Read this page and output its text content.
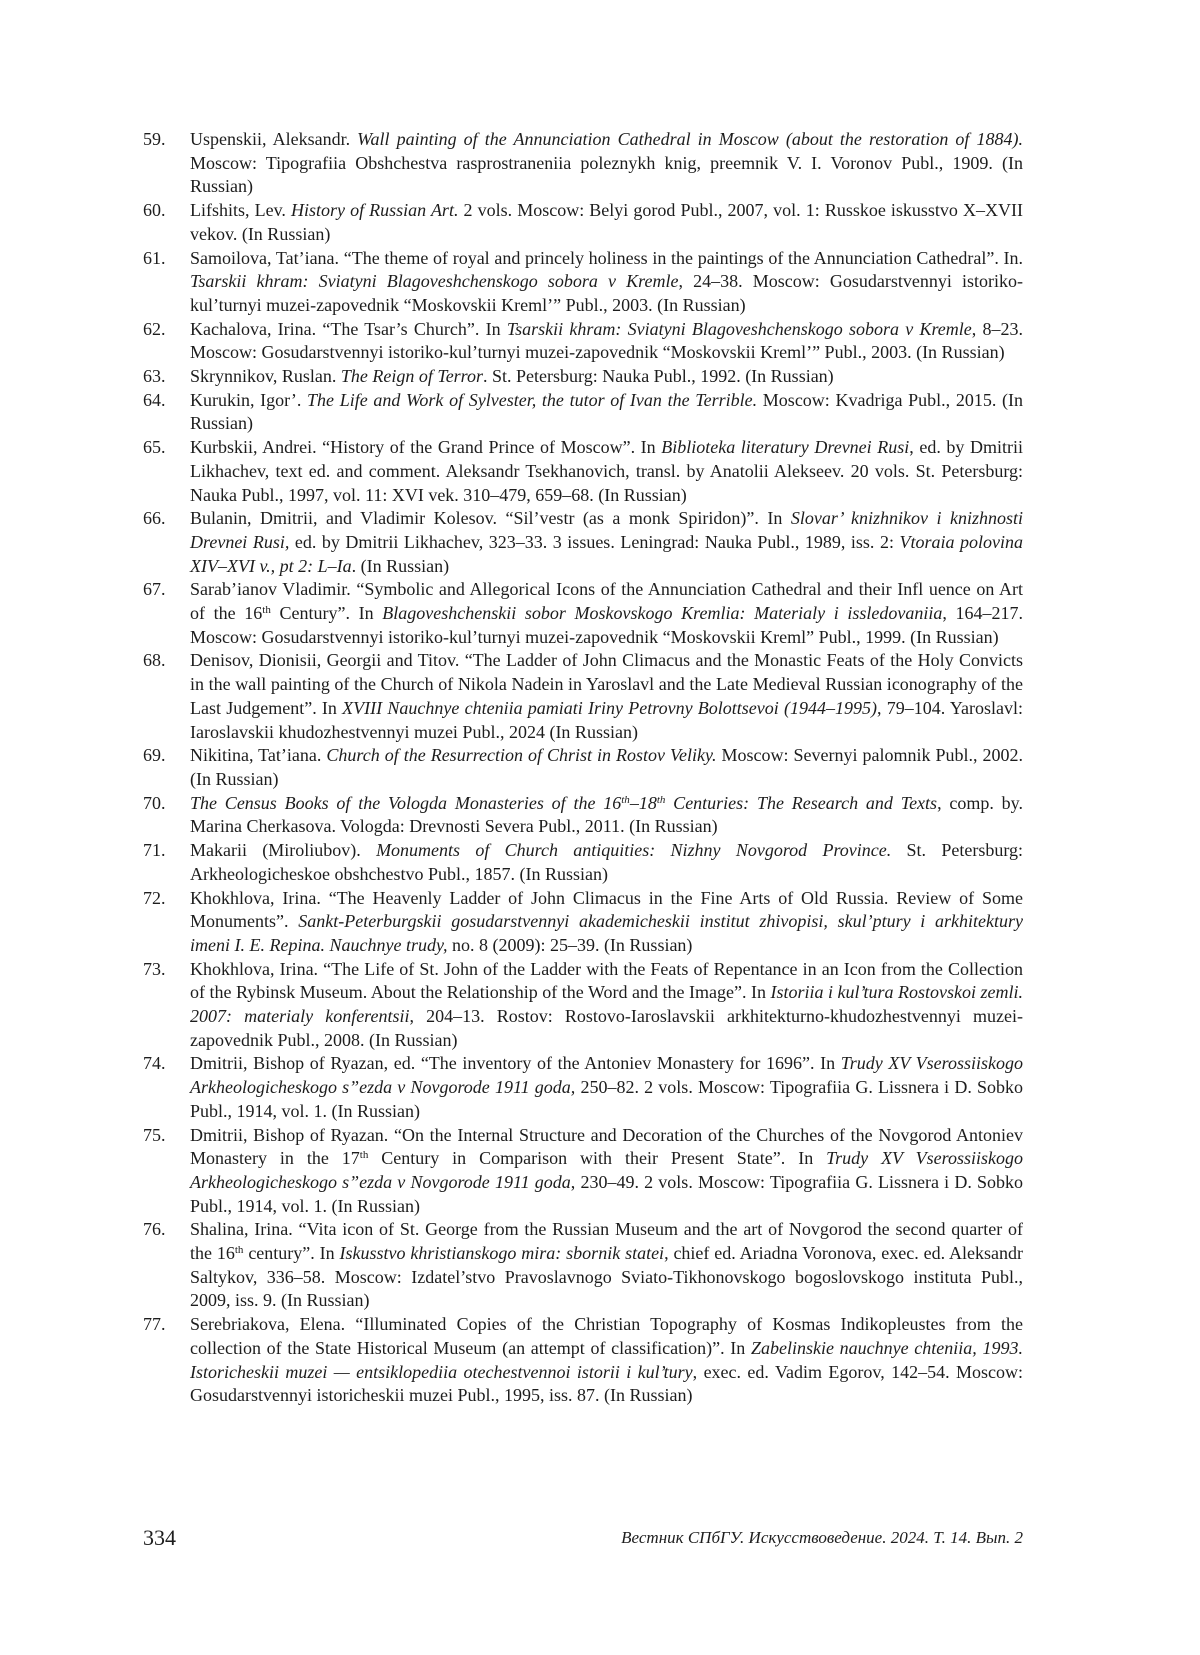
59. Uspenskii, Aleksandr. Wall painting of the Annunciation Cathedral in Moscow (about the restoration of 1884). Moscow: Tipografiia Obshchestva rasprostraneniia poleznykh knig, preemnik V. I. Voronov Publ., 1909. (In Russian)
60. Lifshits, Lev. History of Russian Art. 2 vols. Moscow: Belyi gorod Publ., 2007, vol. 1: Russkoe iskusstvo X–XVII vekov. (In Russian)
61. Samoilova, Tat’iana. “The theme of royal and princely holiness in the paintings of the Annunciation Cathedral”. In. Tsarskii khram: Sviatyni Blagoveshchenskogo sobora v Kremle, 24–38. Moscow: Gosudarstvennyi istoriko-kul’turnyi muzei-zapovednik “Moskovskii Kreml’” Publ., 2003. (In Russian)
62. Kachalova, Irina. “The Tsar’s Church”. In Tsarskii khram: Sviatyni Blagoveshchenskogo sobora v Kremle, 8–23. Moscow: Gosudarstvennyi istoriko-kul’turnyi muzei-zapovednik “Moskovskii Kreml’” Publ., 2003. (In Russian)
63. Skrynnikov, Ruslan. The Reign of Terror. St. Petersburg: Nauka Publ., 1992. (In Russian)
64. Kurukin, Igor’. The Life and Work of Sylvester, the tutor of Ivan the Terrible. Moscow: Kvadriga Publ., 2015. (In Russian)
65. Kurbskii, Andrei. “History of the Grand Prince of Moscow”. In Biblioteka literatury Drevnei Rusi, ed. by Dmitrii Likhachev, text ed. and comment. Aleksandr Tsekhanovich, transl. by Anatolii Alekseev. 20 vols. St. Petersburg: Nauka Publ., 1997, vol. 11: XVI vek. 310–479, 659–68. (In Russian)
66. Bulanin, Dmitrii, and Vladimir Kolesov. “Sil’vestr (as a monk Spiridon)”. In Slovar’ knizhnikov i knizhnosti Drevnei Rusi, ed. by Dmitrii Likhachev, 323–33. 3 issues. Leningrad: Nauka Publ., 1989, iss. 2: Vtoraia polovina XIV–XVI v., pt 2: L–Ia. (In Russian)
67. Sarab’ianov Vladimir. “Symbolic and Allegorical Icons of the Annunciation Cathedral and their Infl uence on Art of the 16th Century”. In Blagoveshchenskii sobor Moskovskogo Kremlia: Materialy i issledovaniia, 164–217. Moscow: Gosudarstvennyi istoriko-kul’turnyi muzei-zapovednik “Moskovskii Kreml” Publ., 1999. (In Russian)
68. Denisov, Dionisii, Georgii and Titov. “The Ladder of John Climacus and the Monastic Feats of the Holy Convicts in the wall painting of the Church of Nikola Nadein in Yaroslavl and the Late Medieval Russian iconography of the Last Judgement”. In XVIII Nauchnye chteniia pamiati Iriny Petrovny Bolottsevoi (1944–1995), 79–104. Yaroslavl: Iaroslavskii khudozhestvennyi muzei Publ., 2024 (In Russian)
69. Nikitina, Tat’iana. Church of the Resurrection of Christ in Rostov Veliky. Moscow: Severnyi palomnik Publ., 2002. (In Russian)
70. The Census Books of the Vologda Monasteries of the 16th–18th Centuries: The Research and Texts, comp. by. Marina Cherkasova. Vologda: Drevnosti Severa Publ., 2011. (In Russian)
71. Makarii (Miroliubov). Monuments of Church antiquities: Nizhny Novgorod Province. St. Petersburg: Arkheologicheskoe obshchestvo Publ., 1857. (In Russian)
72. Khokhlova, Irina. “The Heavenly Ladder of John Climacus in the Fine Arts of Old Russia. Review of Some Monuments”. Sankt-Peterburgskii gosudarstvennyi akademicheskii institut zhivopisi, skul’ptury i arkhitektury imeni I. E. Repina. Nauchnye trudy, no. 8 (2009): 25–39. (In Russian)
73. Khokhlova, Irina. “The Life of St. John of the Ladder with the Feats of Repentance in an Icon from the Collection of the Rybinsk Museum. About the Relationship of the Word and the Image”. In Istoriia i kul’tura Rostovskoi zemli. 2007: materialy konferentsii, 204–13. Rostov: Rostovo-Iaroslavskii arkhitekturno-khudozhestvennyi muzei-zapovednik Publ., 2008. (In Russian)
74. Dmitrii, Bishop of Ryazan, ed. “The inventory of the Antoniev Monastery for 1696”. In Trudy XV Vserossiiskogo Arkheologicheskogo s”ezda v Novgorode 1911 goda, 250–82. 2 vols. Moscow: Tipografiia G. Lissnera i D. Sobko Publ., 1914, vol. 1. (In Russian)
75. Dmitrii, Bishop of Ryazan. “On the Internal Structure and Decoration of the Churches of the Novgorod Antoniev Monastery in the 17th Century in Comparison with their Present State”. In Trudy XV Vserossiiskogo Arkheologicheskogo s”ezda v Novgorode 1911 goda, 230–49. 2 vols. Moscow: Tipografiia G. Lissnera i D. Sobko Publ., 1914, vol. 1. (In Russian)
76. Shalina, Irina. “Vita icon of St. George from the Russian Museum and the art of Novgorod the second quarter of the 16th century”. In Iskusstvo khristianskogo mira: sbornik statei, chief ed. Ariadna Voronova, exec. ed. Aleksandr Saltykov, 336–58. Moscow: Izdatel’stvo Pravoslavnogo Sviato-Tikhonovskogo bogoslovskogo instituta Publ., 2009, iss. 9. (In Russian)
77. Serebriakova, Elena. “Illuminated Copies of the Christian Topography of Kosmas Indikopleustes from the collection of the State Historical Museum (an attempt of classification)”. In Zabelinskie nauchnye chteniia, 1993. Istoricheskii muzei — entsiklopediia otechestvennoi istorii i kul’tury, exec. ed. Vadim Egorov, 142–54. Moscow: Gosudarstvennyi istoricheskii muzei Publ., 1995, iss. 87. (In Russian)
334	Вестник СПбГУ. Искусствоведение. 2024. Т. 14. Вып. 2
